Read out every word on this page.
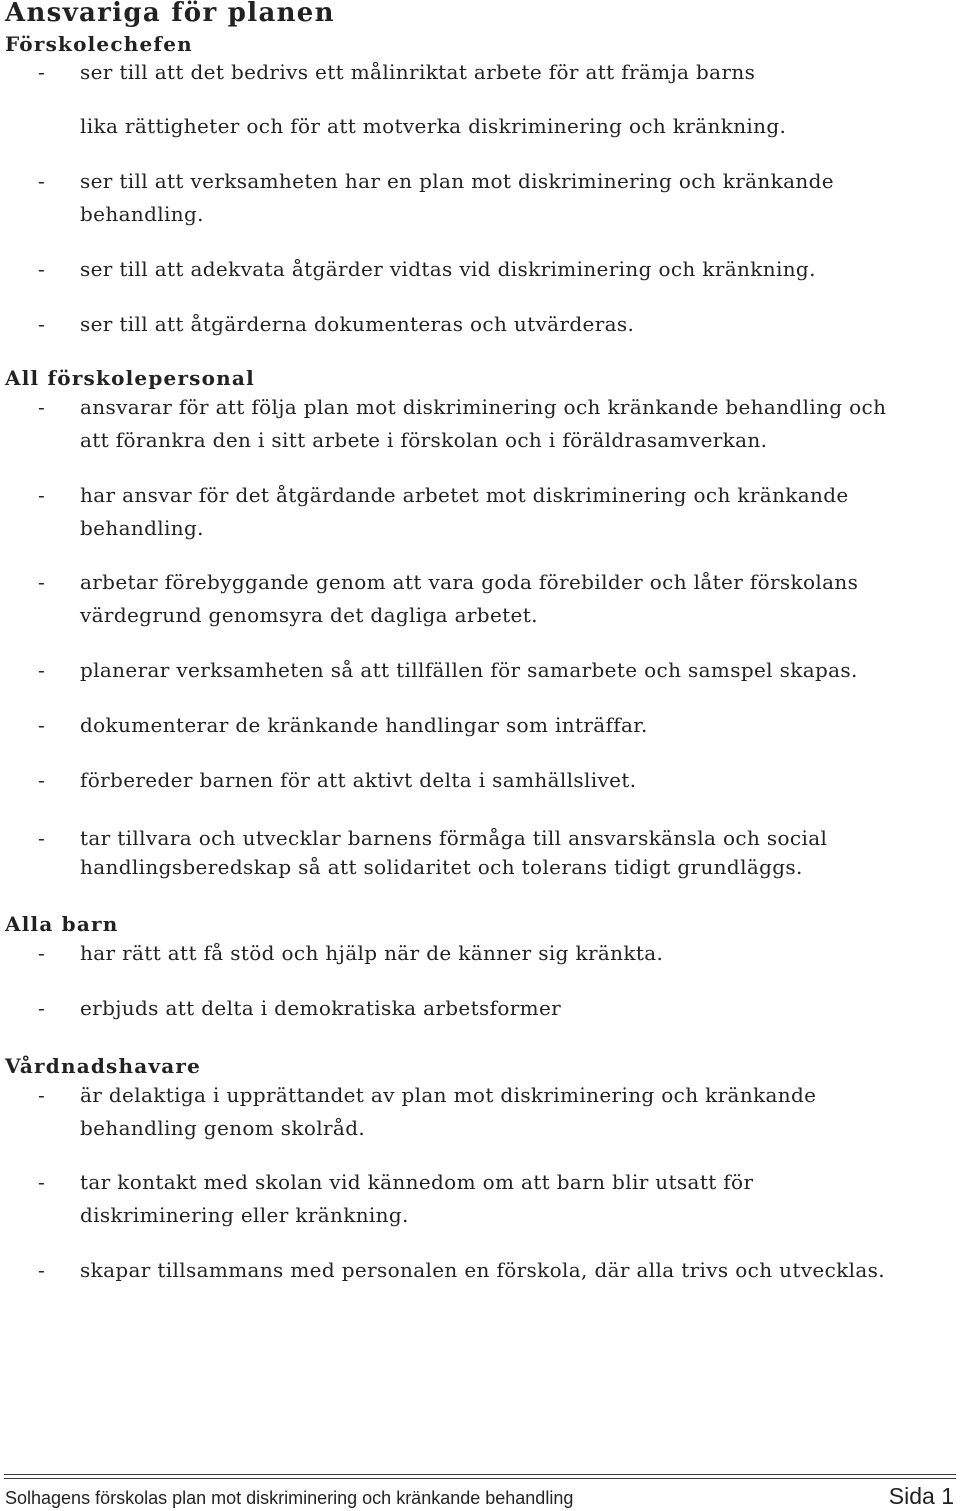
Ansvariga för planen
Förskolechefen
- ser till att det bedrivs ett målinriktat arbete för att främja barns
lika rättigheter och för att motverka diskriminering och kränkning.
- ser till att verksamheten har en plan mot diskriminering och kränkande
behandling.
- ser till att adekvata åtgärder vidtas vid diskriminering och kränkning.
- ser till att åtgärderna dokumenteras och utvärderas.
All förskolepersonal
- ansvarar för att följa plan mot diskriminering och kränkande behandling och
att förankra den i sitt arbete i förskolan och i föräldrasamverkan.
- har ansvar för det åtgärdande arbetet mot diskriminering och kränkande
behandling.
- arbetar förebyggande genom att vara goda förebilder och låter förskolans
värdegrund genomsyra det dagliga arbetet.
- planerar verksamheten så att tillfällen för samarbete och samspel skapas.
- dokumenterar de kränkande handlingar som inträffar.
- förbereder barnen för att aktivt delta i samhällslivet.
- tar tillvara och utvecklar barnens förmåga till ansvarskänsla och social
handlingsberedskap så att solidaritet och tolerans tidigt grundläggs.
Alla barn
- har rätt att få stöd och hjälp när de känner sig kränkta.
- erbjuds att delta i demokratiska arbetsformer
Vårdnadshavare
- är delaktiga i upprättandet av plan mot diskriminering och kränkande
behandling genom skolråd.
- tar kontakt med skolan vid kännedom om att barn blir utsatt för
diskriminering eller kränkning.
- skapar tillsammans med personalen en förskola, där alla trivs och utvecklas.
Solhagens förskolas plan mot diskriminering och kränkande behandling	Sida 1
